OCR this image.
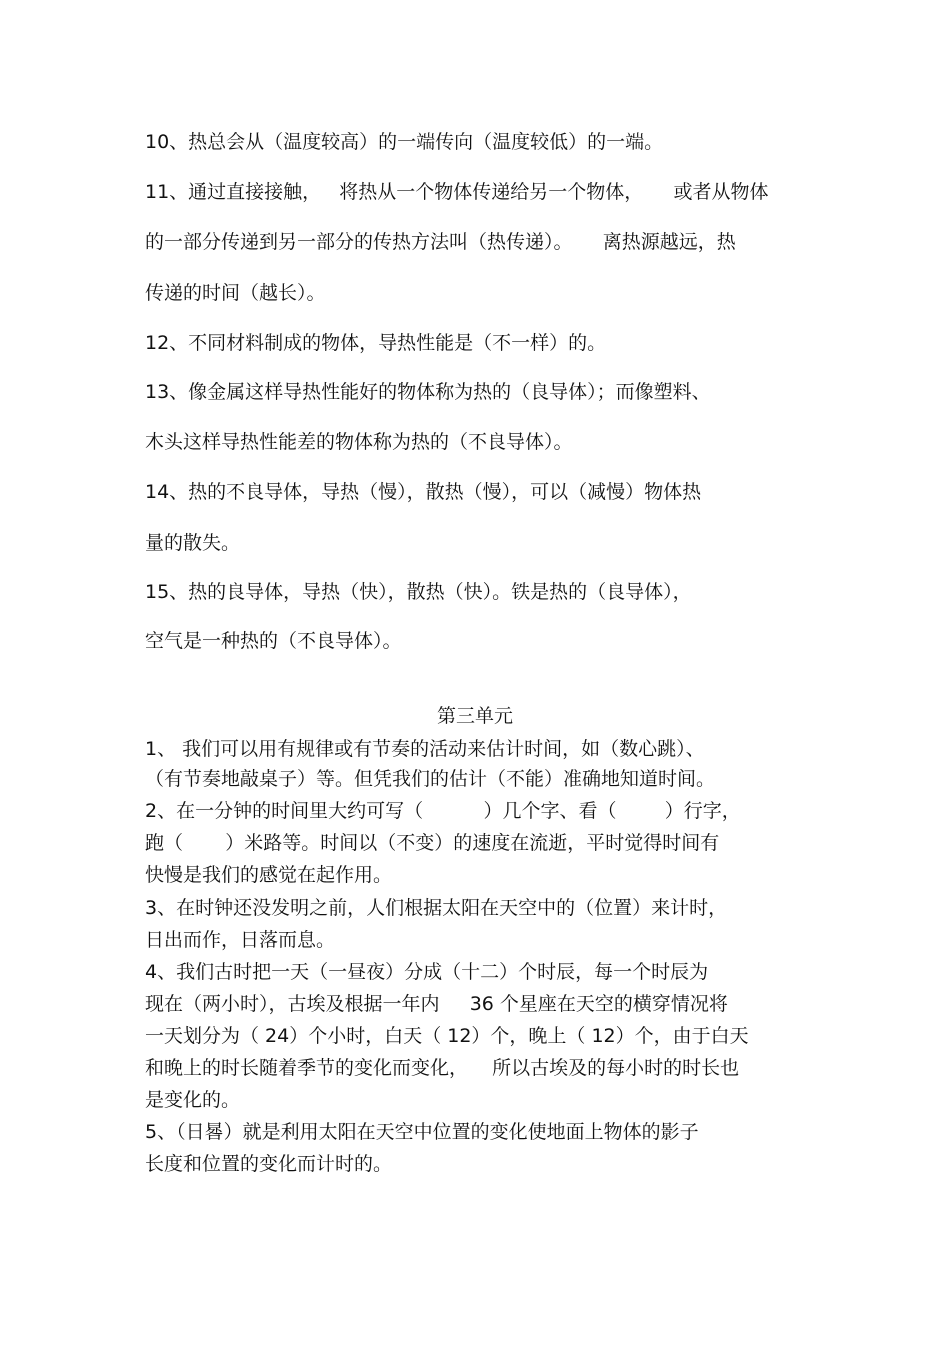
10、热总会从（温度较高）的一端传向（温度较低）的一端。

11、通过直接接触，   将热从一个物体传递给另一个物体，     或者从物体

的一部分传递到另一部分的传热方法叫（热传递）。     离热源越远，热

传递的时间（越长）。

12、不同材料制成的物体，导热性能是（不一样）的。

13、像金属这样导热性能好的物体称为热的（良导体）；而像塑料、

木头这样导热性能差的物体称为热的（不良导体）。

14、热的不良导体，导热（慢），散热（慢），可以（减慢）物体热

量的散失。

15、热的良导体，导热（快），散热（快）。铁是热的（良导体），

空气是一种热的（不良导体）。

第三单元

1、 我们可以用有规律或有节奏的活动来估计时间，如（数心跳）、

（有节奏地敲桌子）等。但凭我们的估计（不能）准确地知道时间。

2、在一分钟的时间里大约可写（          ）几个字、看（        ）行字，

跑（       ）米路等。时间以（不变）的速度在流逝，平时觉得时间有

快慢是我们的感觉在起作用。

3、在时钟还没发明之前，人们根据太阳在天空中的（位置）来计时，

日出而作，日落而息。

4、我们古时把一天（一昼夜）分成（十二）个时辰，每一个时辰为

现在（两小时），古埃及根据一年内     36 个星座在天空的横穿情况将

一天划分为（ 24）个小时，白天（ 12）个，晚上（ 12）个，由于白天

和晚上的时长随着季节的变化而变化，    所以古埃及的每小时的时长也

是变化的。

5、（日晷）就是利用太阳在天空中位置的变化使地面上物体的影子

长度和位置的变化而计时的。
